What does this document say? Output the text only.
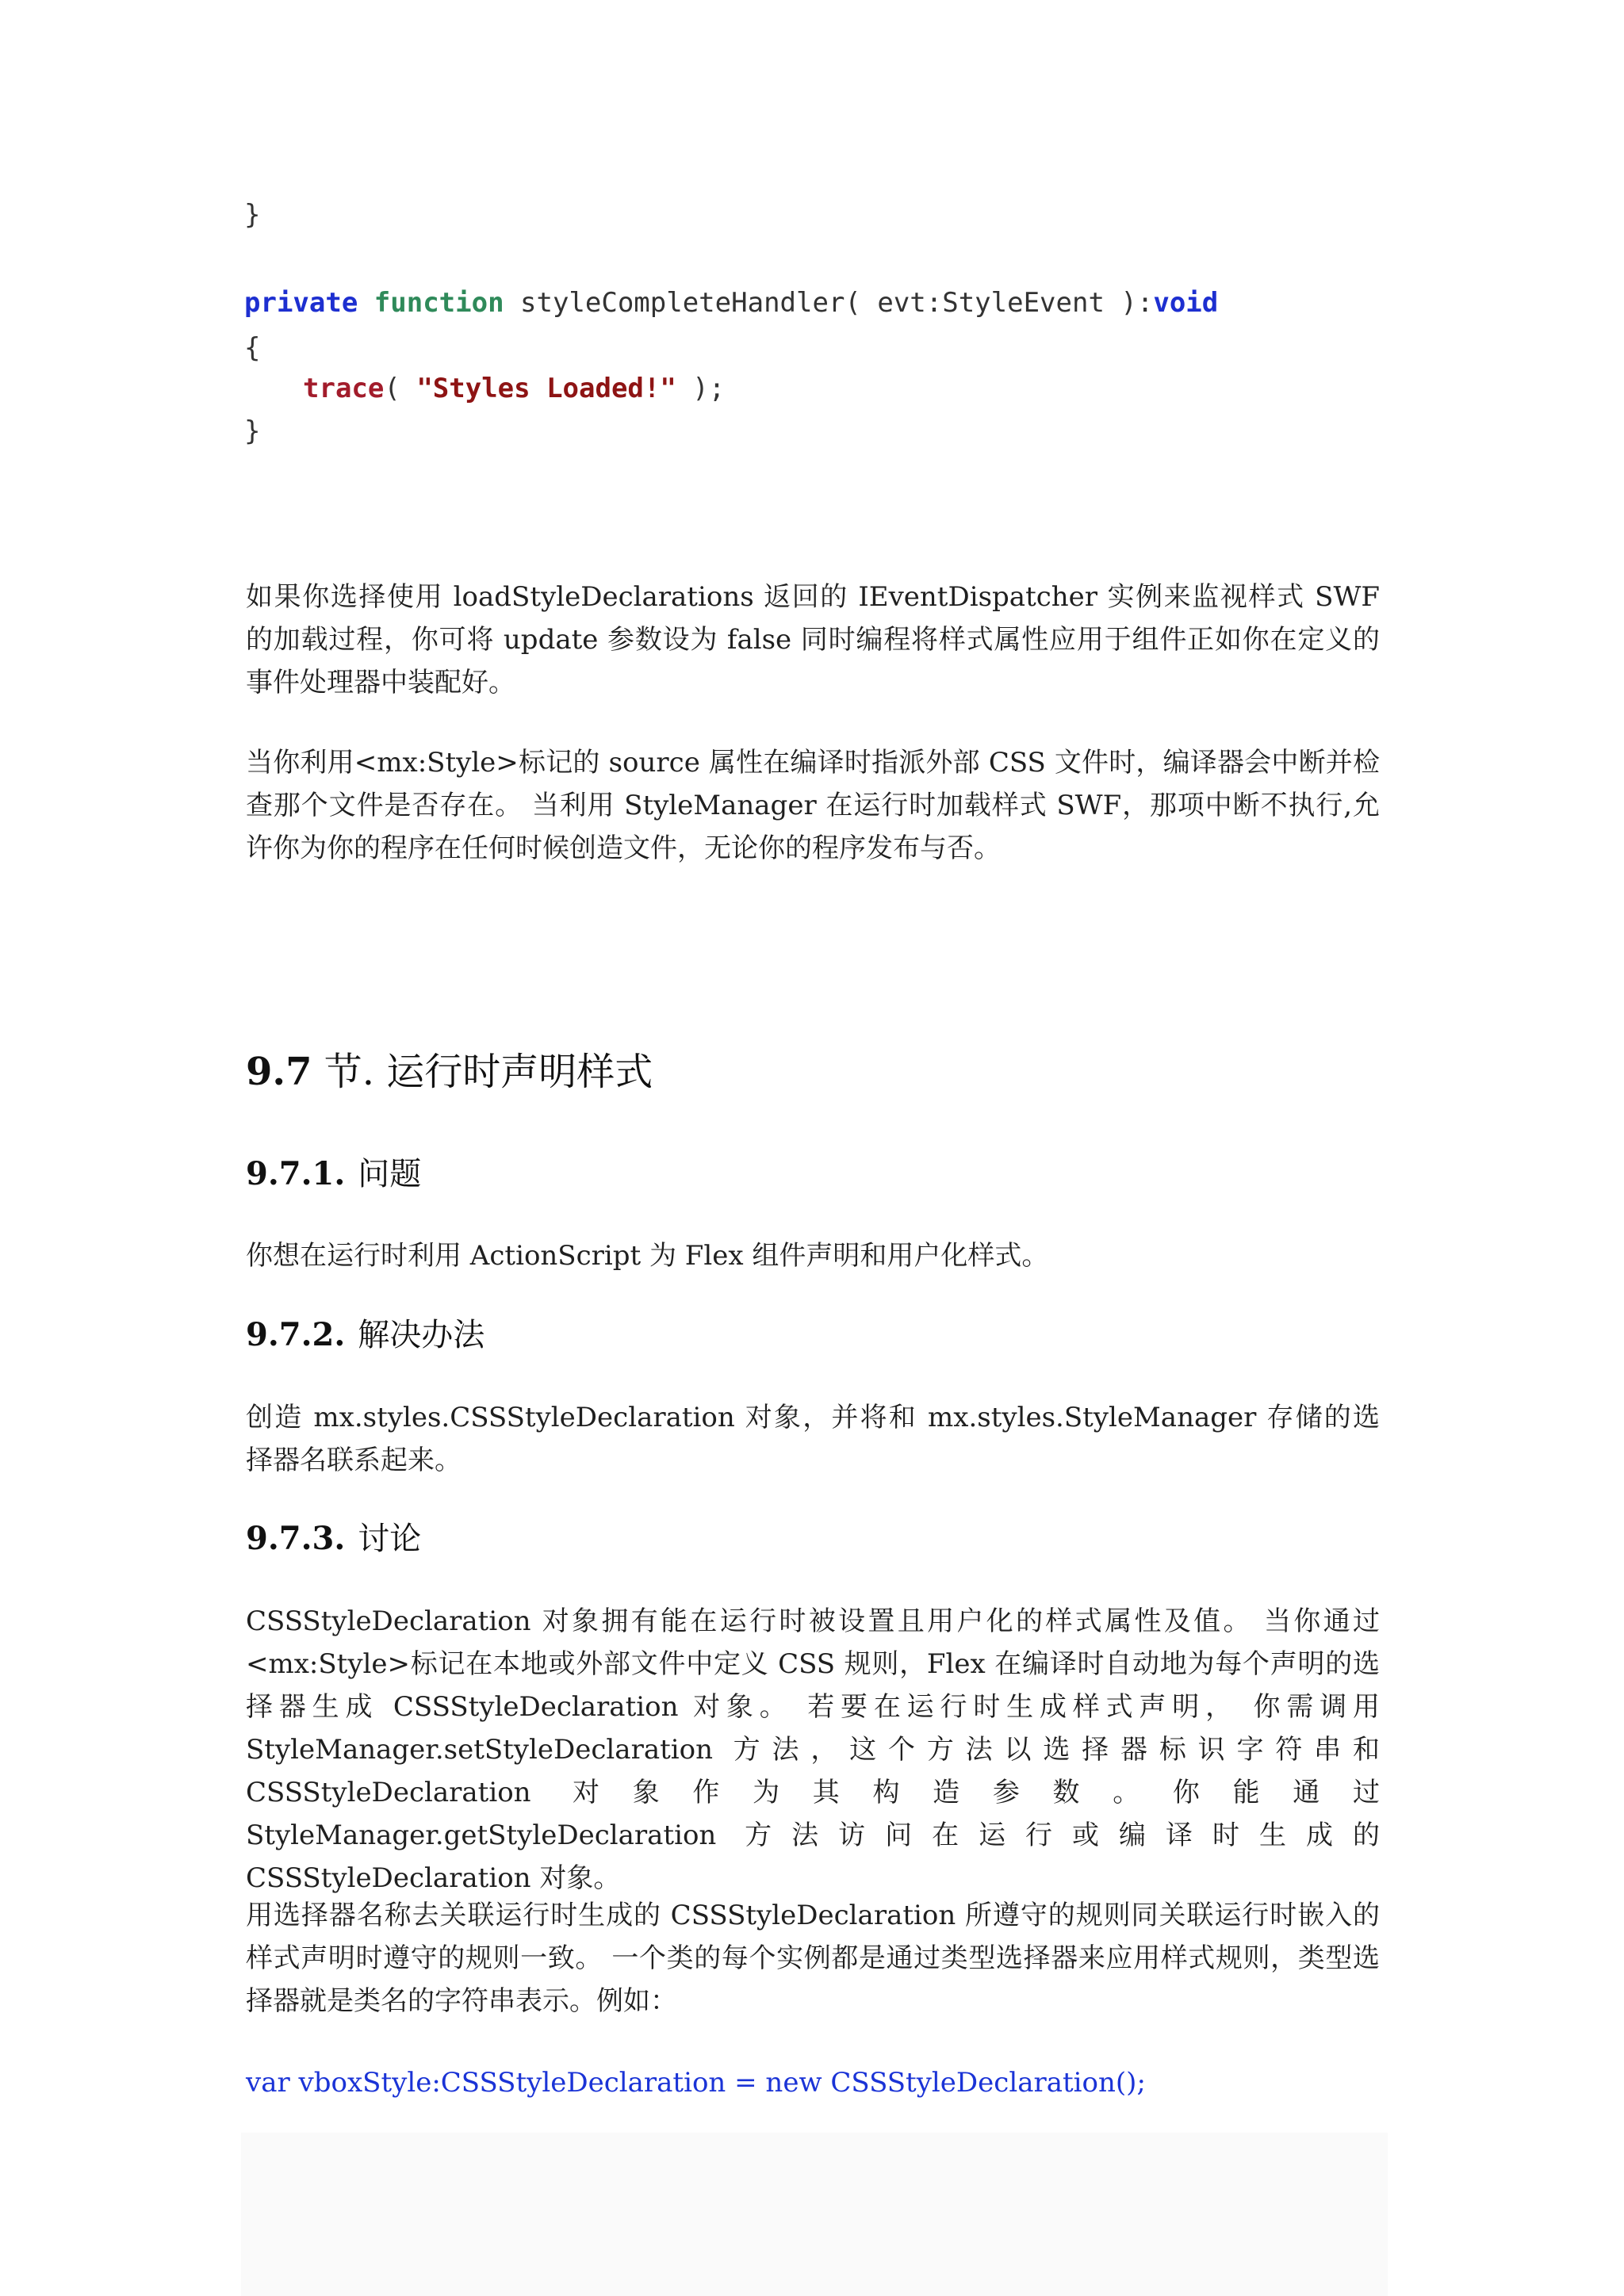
}
private function styleCompleteHandler( evt:StyleEvent ):void
{
trace( "Styles Loaded!" );
}
如果你选择使用 loadStyleDeclarations 返回的 IEventDispatcher 实例来监视样式 SWF 的加载过程，你可将 update 参数设为 false 同时编程将样式属性应用于组件正如你在定义的事件处理器中装配好。
当你利用<mx:Style>标记的 source 属性在编译时指派外部 CSS 文件时，编译器会中断并检查那个文件是否存在。 当利用 StyleManager 在运行时加载样式 SWF，那项中断不执行,允许你为你的程序在任何时候创造文件，无论你的程序发布与否。
9.7 节. 运行时声明样式
9.7.1. 问题
你想在运行时利用 ActionScript 为 Flex 组件声明和用户化样式。
9.7.2. 解决办法
创造 mx.styles.CSSStyleDeclaration 对象，并将和 mx.styles.StyleManager 存储的选择器名联系起来。
9.7.3. 讨论
CSSStyleDeclaration 对象拥有能在运行时被设置且用户化的样式属性及值。 当你通过<mx:Style>标记在本地或外部文件中定义 CSS 规则，Flex 在编译时自动地为每个声明的选择器生成 CSSStyleDeclaration 对象。 若要在运行时生成样式声明， 你需调用StyleManager.setStyleDeclaration 方法，这个方法以选择器标识字符串和CSSStyleDeclaration 对象作为其构造参数。你能通过 StyleManager.getStyleDeclaration 方法访问在运行或编译时生成的 CSSStyleDeclaration 对象。
用选择器名称去关联运行时生成的 CSSStyleDeclaration 所遵守的规则同关联运行时嵌入的样式声明时遵守的规则一致。 一个类的每个实例都是通过类型选择器来应用样式规则，类型选择器就是类名的字符串表示。例如：
var vboxStyle:CSSStyleDeclaration = new CSSStyleDeclaration();
